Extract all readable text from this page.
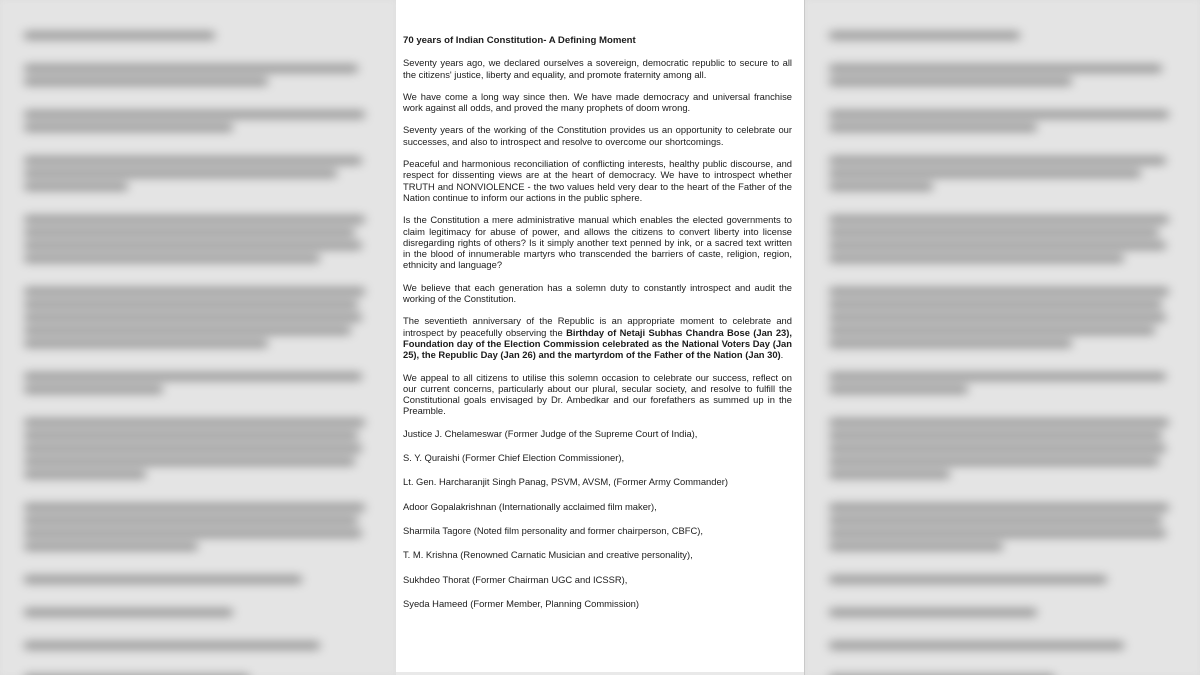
70 years of Indian Constitution- A Defining Moment

Seventy years ago, we declared ourselves a sovereign, democratic republic to secure to all the citizens' justice, liberty and equality, and promote fraternity among all.

We have come a long way since then. We have made democracy and universal franchise work against all odds, and proved the many prophets of doom wrong.

Seventy years of the working of the Constitution provides us an opportunity to celebrate our successes, and also to introspect and resolve to overcome our shortcomings.

Peaceful and harmonious reconciliation of conflicting interests, healthy public discourse, and respect for dissenting views are at the heart of democracy. We have to introspect whether TRUTH and NONVIOLENCE - the two values held very dear to the heart of the Father of the Nation continue to inform our actions in the public sphere.

Is the Constitution a mere administrative manual which enables the elected governments to claim legitimacy for abuse of power, and allows the citizens to convert liberty into license disregarding rights of others? Is it simply another text penned by ink, or a sacred text written in the blood of innumerable martyrs who transcended the barriers of caste, religion, region, ethnicity and language?

We believe that each generation has a solemn duty to constantly introspect and audit the working of the Constitution.

The seventieth anniversary of the Republic is an appropriate moment to celebrate and introspect by peacefully observing the Birthday of Netaji Subhas Chandra Bose (Jan 23), Foundation day of the Election Commission celebrated as the National Voters Day (Jan 25), the Republic Day (Jan 26) and the martyrdom of the Father of the Nation (Jan 30).

We appeal to all citizens to utilise this solemn occasion to celebrate our success, reflect on our current concerns, particularly about our plural, secular society, and resolve to fulfill the Constitutional goals envisaged by Dr. Ambedkar and our forefathers as summed up in the Preamble.

Justice J. Chelameswar (Former Judge of the Supreme Court of India),
S. Y. Quraishi (Former Chief Election Commissioner),
Lt. Gen. Harcharanjit Singh Panag, PSVM, AVSM, (Former Army Commander)
Adoor Gopalakrishnan (Internationally acclaimed film maker),
Sharmila Tagore (Noted film personality and former chairperson, CBFC),
T. M. Krishna (Renowned Carnatic Musician and creative personality),
Sukhdeo Thorat (Former Chairman UGC and ICSSR),
Syeda Hameed (Former Member, Planning Commission)
